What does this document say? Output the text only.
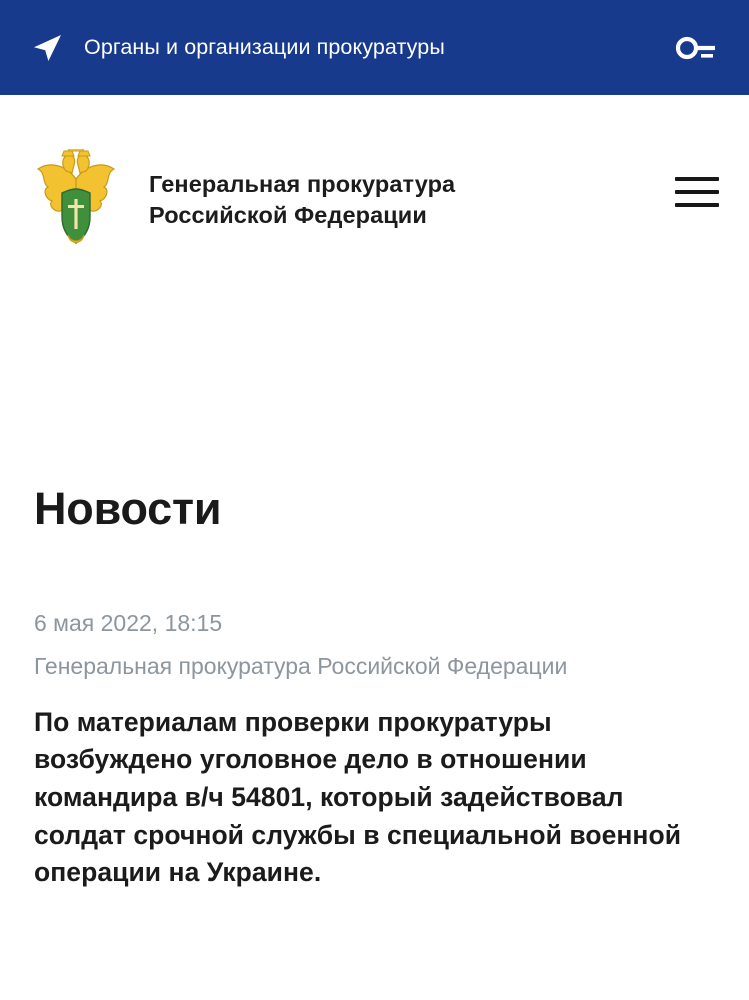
Органы и организации прокуратуры
Генеральная прокуратура
Российской Федерации
Новости
6 мая 2022, 18:15
Генеральная прокуратура Российской Федерации
По материалам проверки прокуратуры возбуждено уголовное дело в отношении командира в/ч 54801, который задействовал солдат срочной службы в специальной военной операции на Украине.
